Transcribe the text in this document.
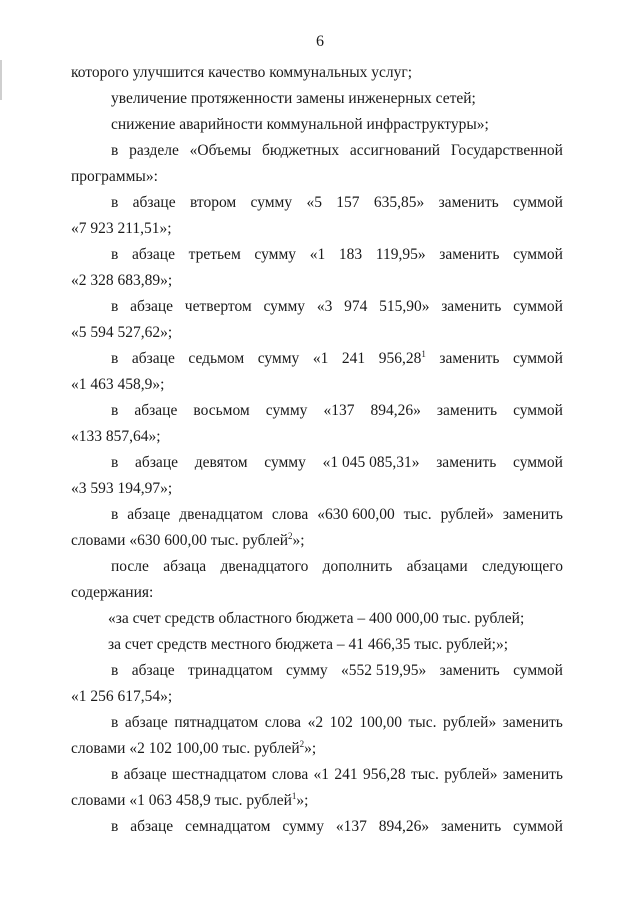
6
которого улучшится качество коммунальных услуг;
увеличение протяженности замены инженерных сетей;
снижение аварийности коммунальной инфраструктуры»;
в разделе «Объемы бюджетных ассигнований Государственной
программы»:
в абзаце втором сумму «5 157 635,85» заменить суммой
«7 923 211,51»;
в абзаце третьем сумму «1 183 119,95» заменить суммой
«2 328 683,89»;
в абзаце четвертом сумму «3 974 515,90» заменить суммой
«5 594 527,62»;
в абзаце седьмом сумму «1 241 956,28$^1$ заменить суммой
«1 463 458,9»;
в абзаце восьмом сумму «137 894,26» заменить суммой
«133 857,64»;
в абзаце девятом сумму «1 045 085,31» заменить суммой
«3 593 194,97»;
в абзаце двенадцатом слова «630 600,00 тыс. рублей» заменить
словами «630 600,00 тыс. рублей$^2$»;
после абзаца двенадцатого дополнить абзацами следующего
содержания:
«за счет средств областного бюджета – 400 000,00 тыс. рублей;
за счет средств местного бюджета – 41 466,35 тыс. рублей;»;
в абзаце тринадцатом сумму «552 519,95» заменить суммой
«1 256 617,54»;
в абзаце пятнадцатом слова «2 102 100,00 тыс. рублей» заменить
словами «2 102 100,00 тыс. рублей$^2$»;
в абзаце шестнадцатом слова «1 241 956,28 тыс. рублей» заменить
словами «1 063 458,9 тыс. рублей$^1$»;
в абзаце семнадцатом сумму «137 894,26» заменить суммой
